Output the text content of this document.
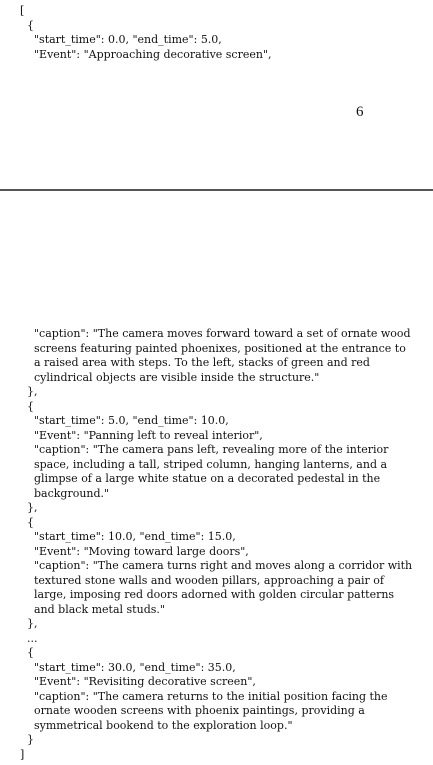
[
{
"start_time": 0.0, "end_time": 5.0,
"Event": "Approaching decorative screen",
6
"caption": "The camera moves forward toward a set of ornate wood
screens featuring painted phoenixes, positioned at the entrance to
a raised area with steps. To the left, stacks of green and red
cylindrical objects are visible inside the structure."
},
{
"start_time": 5.0, "end_time": 10.0,
"Event": "Panning left to reveal interior",
"caption": "The camera pans left, revealing more of the interior
space, including a tall, striped column, hanging lanterns, and a
glimpse of a large white statue on a decorated pedestal in the
background."
},
{
"start_time": 10.0, "end_time": 15.0,
"Event": "Moving toward large doors",
"caption": "The camera turns right and moves along a corridor with
textured stone walls and wooden pillars, approaching a pair of
large, imposing red doors adorned with golden circular patterns
and black metal studs."
},
...
{
"start_time": 30.0, "end_time": 35.0,
"Event": "Revisiting decorative screen",
"caption": "The camera returns to the initial position facing the
ornate wooden screens with phoenix paintings, providing a
symmetrical bookend to the exploration loop."
}
]
